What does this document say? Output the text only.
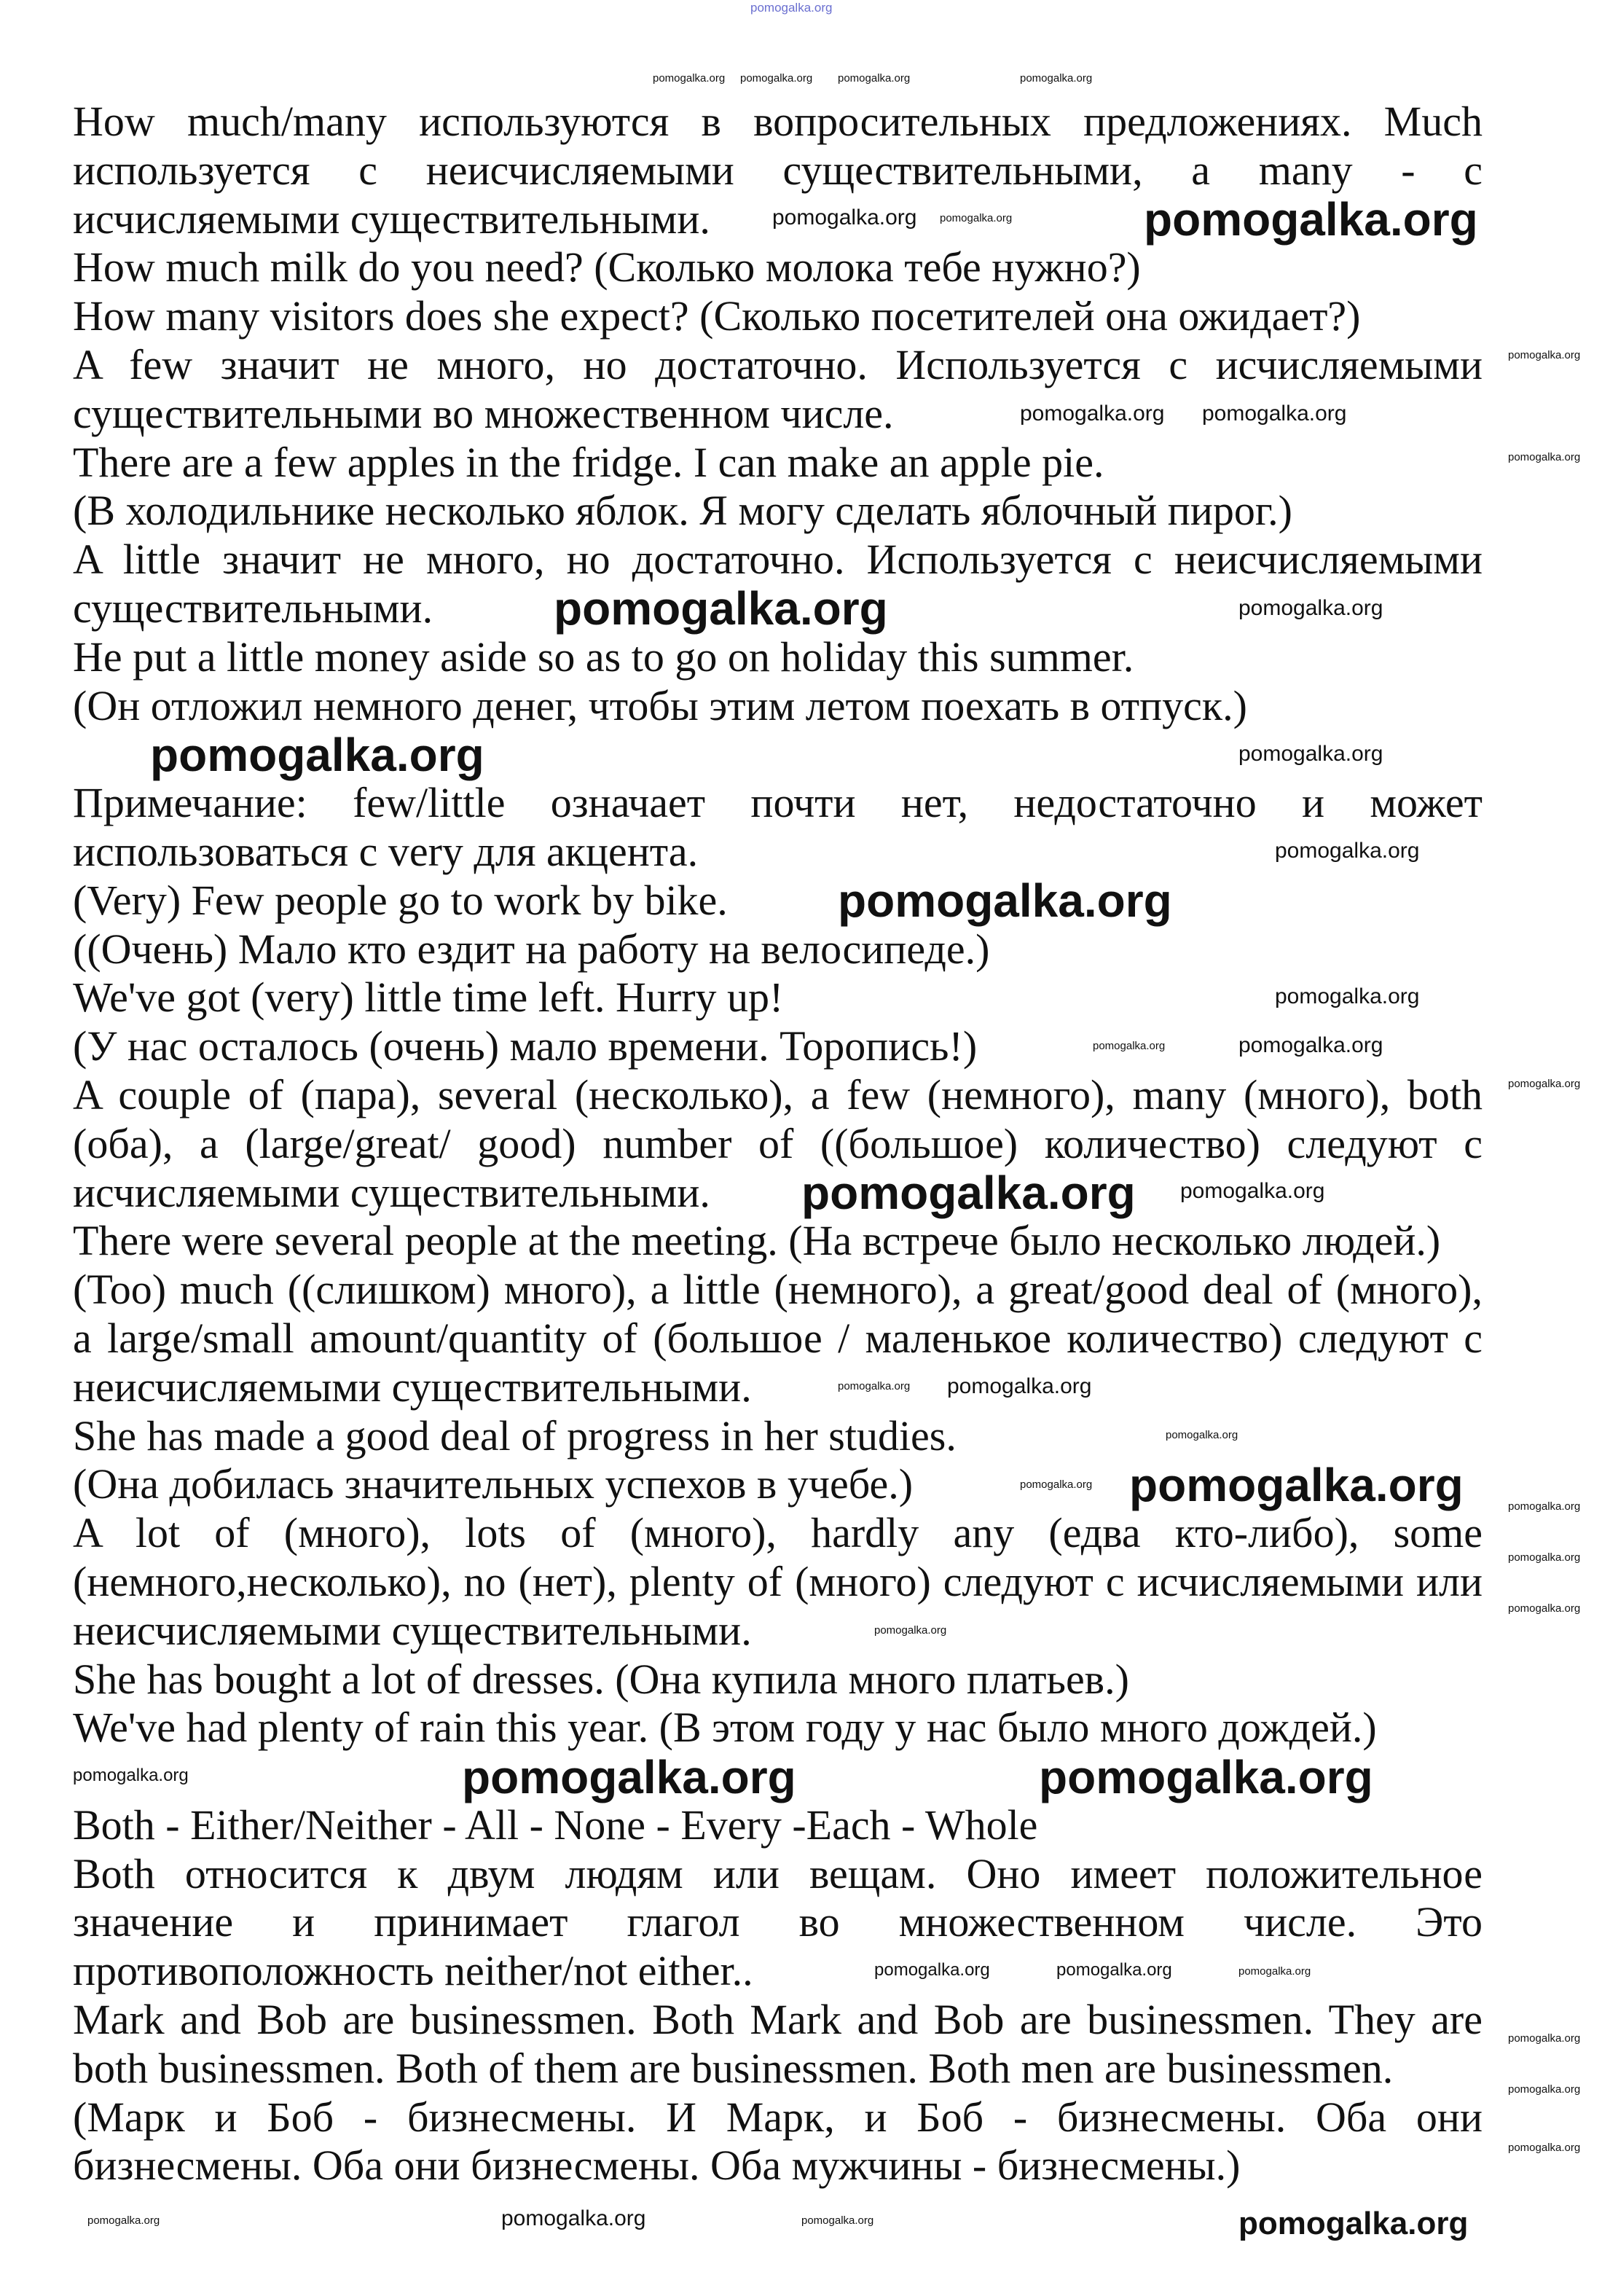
How much/many используются в вопросительных предложениях. Much
используется с неисчисляемыми существительными, a many - с
исчисляемыми существительными.
How much milk do you need? (Сколько молока тебе нужно?)
How many visitors does she expect? (Сколько посетителей она ожидает?)
A few значит не много, но достаточно. Используется с исчисляемыми
существительными во множественном числе.
There are a few apples in the fridge. I can make an apple pie.
(В холодильнике несколько яблок. Я могу сделать яблочный пирог.)
A little значит не много, но достаточно. Используется с неисчисляемыми
существительными.
He put a little money aside so as to go on holiday this summer.
(Он отложил немного денег, чтобы этим летом поехать в отпуск.)
Примечание: few/little означает почти нет, недостаточно и может
использоваться с very для акцента.
(Very) Few people go to work by bike.
((Очень) Мало кто ездит на работу на велосипеде.)
We've got (very) little time left. Hurry up!
(У нас осталось (очень) мало времени. Торопись!)
A couple of (пара), several (несколько), a few (немного), many (много), both
(оба), a (large/great/ good) number of ((большое) количество) следуют с
исчисляемыми существительными.
There were several people at the meeting. (На встрече было несколько людей.)
(Too) much ((слишком) много), a little (немного), a great/good deal of (много),
a large/small amount/quantity of (большое / маленькое количество) следуют с
неисчисляемыми существительными.
She has made a good deal of progress in her studies.
(Она добилась значительных успехов в учебе.)
A lot of (много), lots of (много), hardly any (едва кто-либо), some
(немного,несколько), no (нет), plenty of (много) следуют с исчисляемыми или
неисчисляемыми существительными.
She has bought a lot of dresses. (Она купила много платьев.)
We've had plenty of rain this year. (В этом году у нас было много дождей.)
Both - Either/Neither - All - None - Every -Each - Whole
Both относится к двум людям или вещам. Оно имеет положительное
значение и принимает глагол во множественном числе. Это
противоположность neither/not either..
Mark and Bob are businessmen. Both Mark and Bob are businessmen. They are
both businessmen. Both of them are businessmen. Both men are businessmen.
(Марк и Боб - бизнесмены. И Марк, и Боб - бизнесмены. Оба они
бизнесмены. Оба они бизнесмены. Оба мужчины - бизнесмены.)
pomogalka.org
pomogalka.org pomogalka.org pomogalka.org	pomogalka.org
pomogalka.org pomogalka.org	pomogalka.org
pomogalka.org
pomogalka.org
pomogalka.org
pomogalka.org
pomogalka.org	pomogalka.org
pomogalka.org
pomogalka.org
pomogalka.org
pomogalka.org
pomogalka.org
pomogalka.org
pomogalka.org
pomogalka.org pomogalka.org
pomogalka.org
pomogalka.org pomogalka.org
pomogalka.org
pomogalka.org
pomogalka.org
pomogalka.org
pomogalka.org
pomogalka.org
pomogalka.org
pomogalka.org	pomogalka.org	pomogalka.org
pomogalka.org
pomogalka.org
pomogalka.org
pomogalka.org	pomogalka.org
pomogalka.org	pomogalka.org	pomogalka.org
pomogalka.org
pomogalka.org
